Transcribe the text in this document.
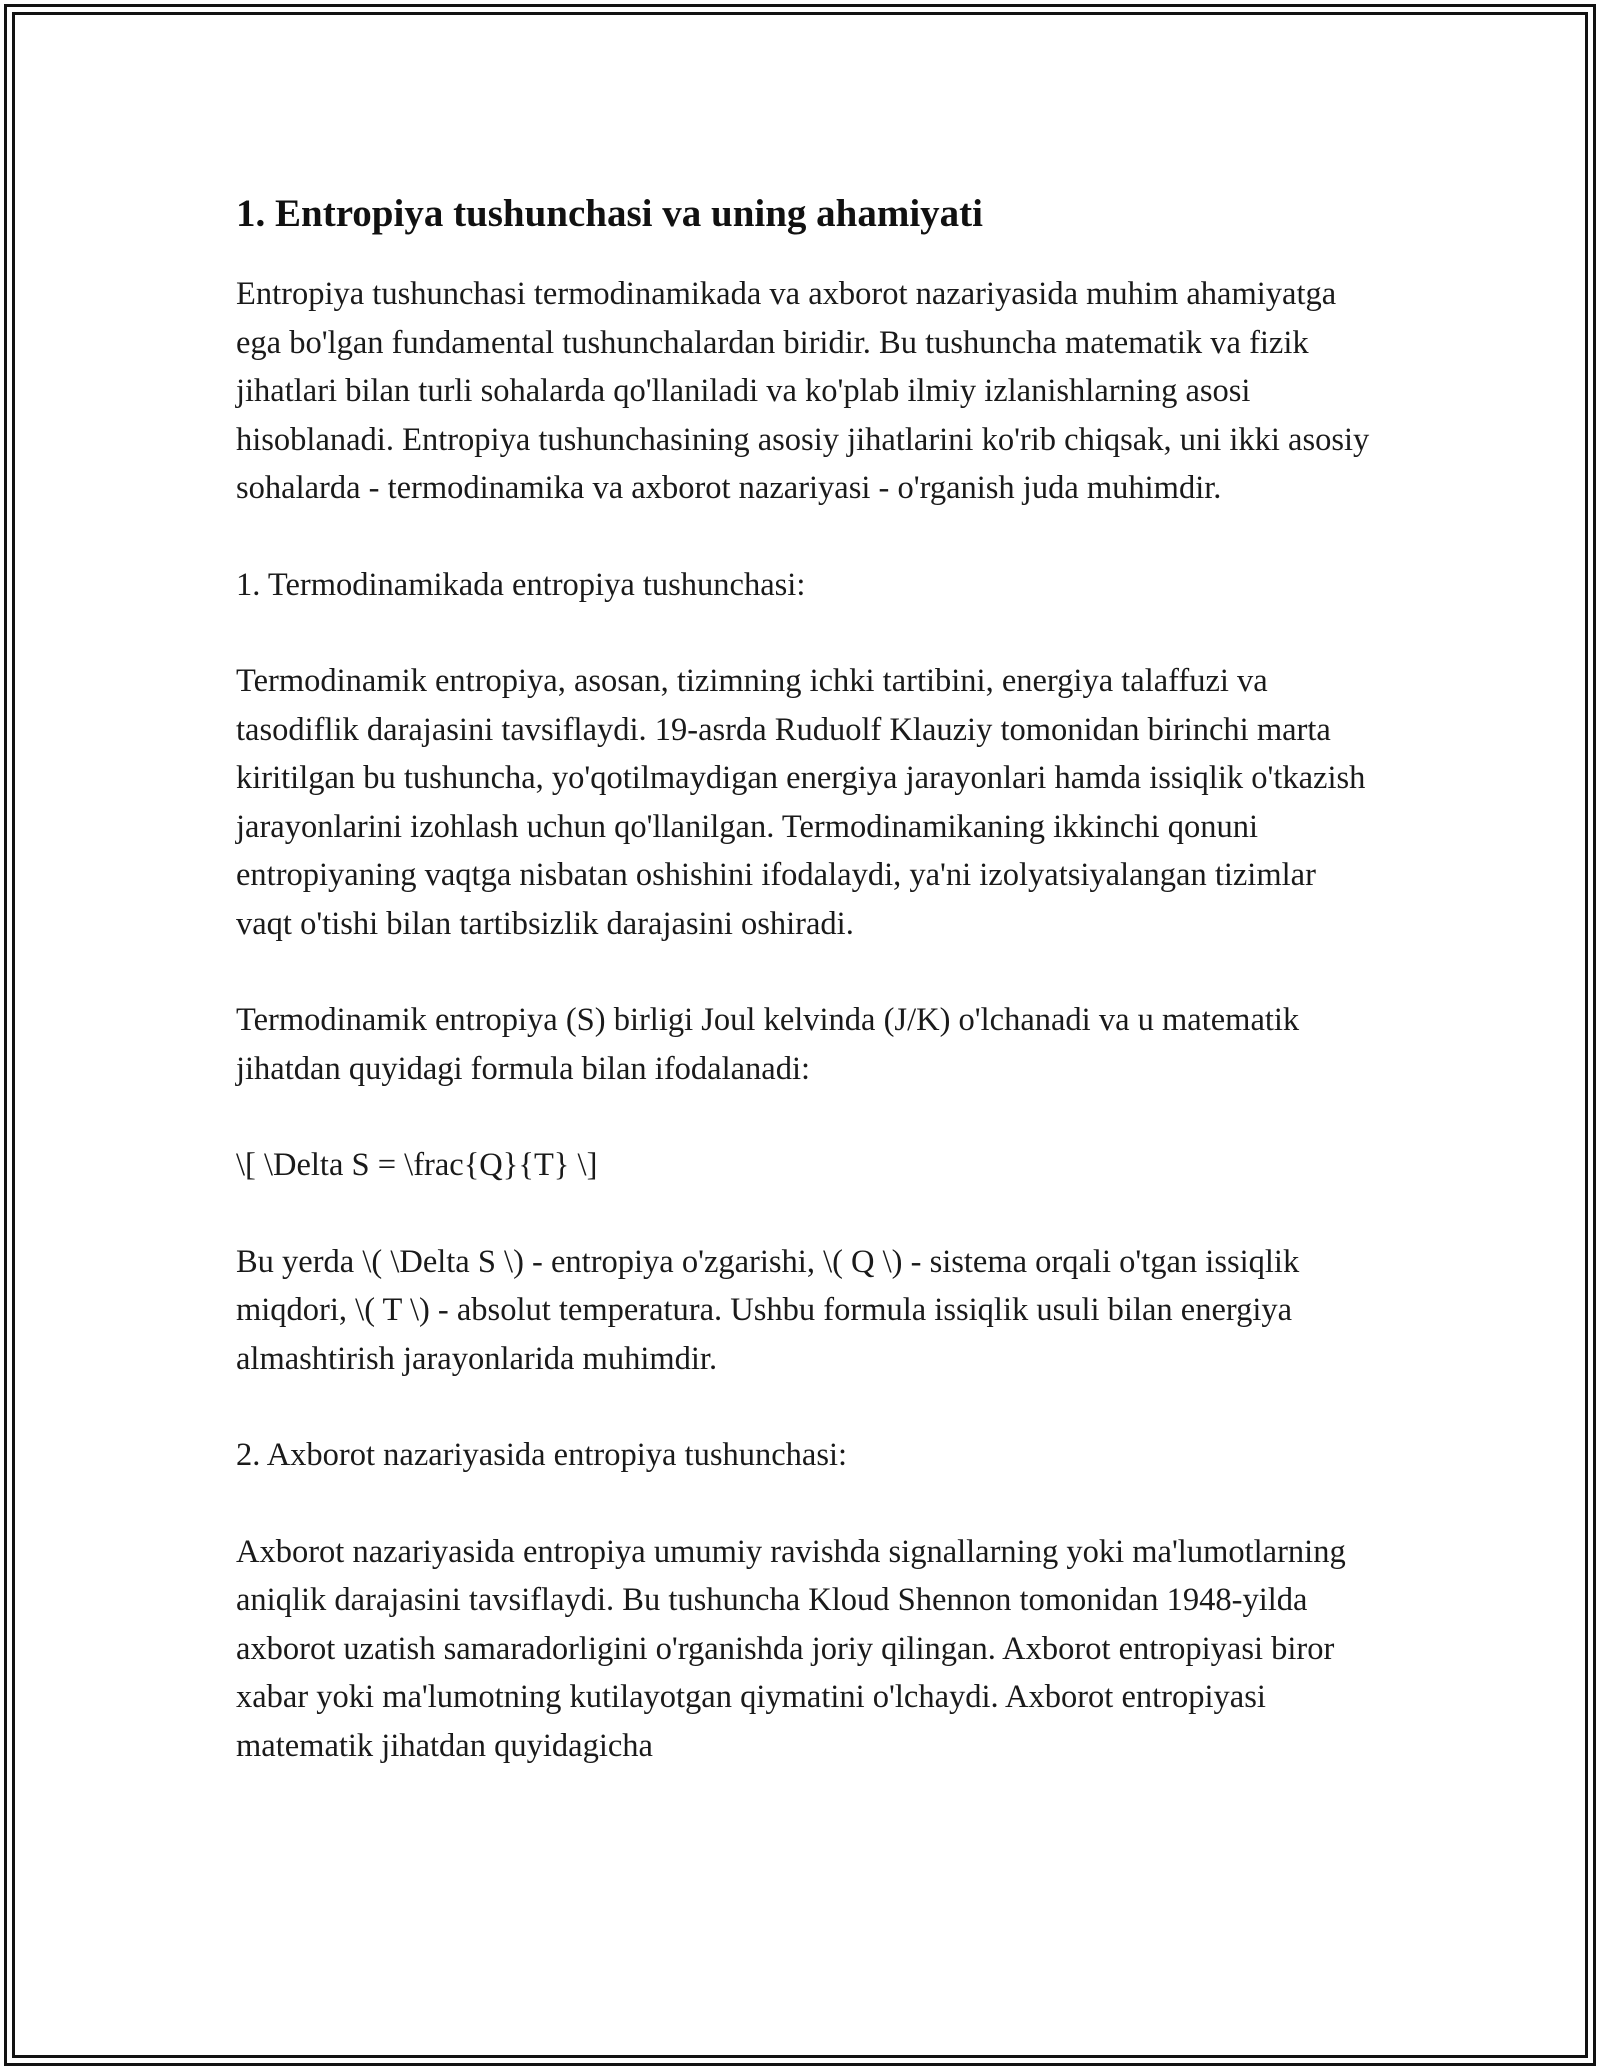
1. Entropiya tushunchasi va uning ahamiyati

Entropiya tushunchasi termodinamikada va axborot nazariyasida muhim ahamiyatga ega bo'lgan fundamental tushunchalardan biridir. Bu tushuncha matematik va fizik jihatlari bilan turli sohalarda qo'llaniladi va ko'plab ilmiy izlanishlarning asosi hisoblanadi. Entropiya tushunchasining asosiy jihatlarini ko'rib chiqsak, uni ikki asosiy sohalarda - termodinamika va axborot nazariyasi - o'rganish juda muhimdir.

1. Termodinamikada entropiya tushunchasi:

Termodinamik entropiya, asosan, tizimning ichki tartibini, energiya talaffuzi va tasodiflik darajasini tavsiflaydi. 19-asrda Ruduolf Klauziy tomonidan birinchi marta kiritilgan bu tushuncha, yo'qotilmaydigan energiya jarayonlari hamda issiqlik o'tkazish jarayonlarini izohlash uchun qo'llanilgan. Termodinamikaning ikkinchi qonuni entropiyaning vaqtga nisbatan oshishini ifodalaydi, ya'ni izolyatsiyalangan tizimlar vaqt o'tishi bilan tartibsizlik darajasini oshiradi.

Termodinamik entropiya (S) birligi Joul kelvinda (J/K) o'lchanadi va u matematik jihatdan quyidagi formula bilan ifodalanadi:

\[ \Delta S = \frac{Q}{T} \]

Bu yerda \( \Delta S \) - entropiya o'zgarishi, \( Q \) - sistema orqali o'tgan issiqlik miqdori, \( T \) - absolut temperatura. Ushbu formula issiqlik usuli bilan energiya almashtirish jarayonlarida muhimdir.

2. Axborot nazariyasida entropiya tushunchasi:

Axborot nazariyasida entropiya umumiy ravishda signallarning yoki ma'lumotlarning aniqlik darajasini tavsiflaydi. Bu tushuncha Kloud Shennon tomonidan 1948-yilda axborot uzatish samaradorligini o'rganishda joriy qilingan. Axborot entropiyasi biror xabar yoki ma'lumotning kutilayotgan qiymatini o'lchaydi. Axborot entropiyasi matematik jihatdan quyidagicha
